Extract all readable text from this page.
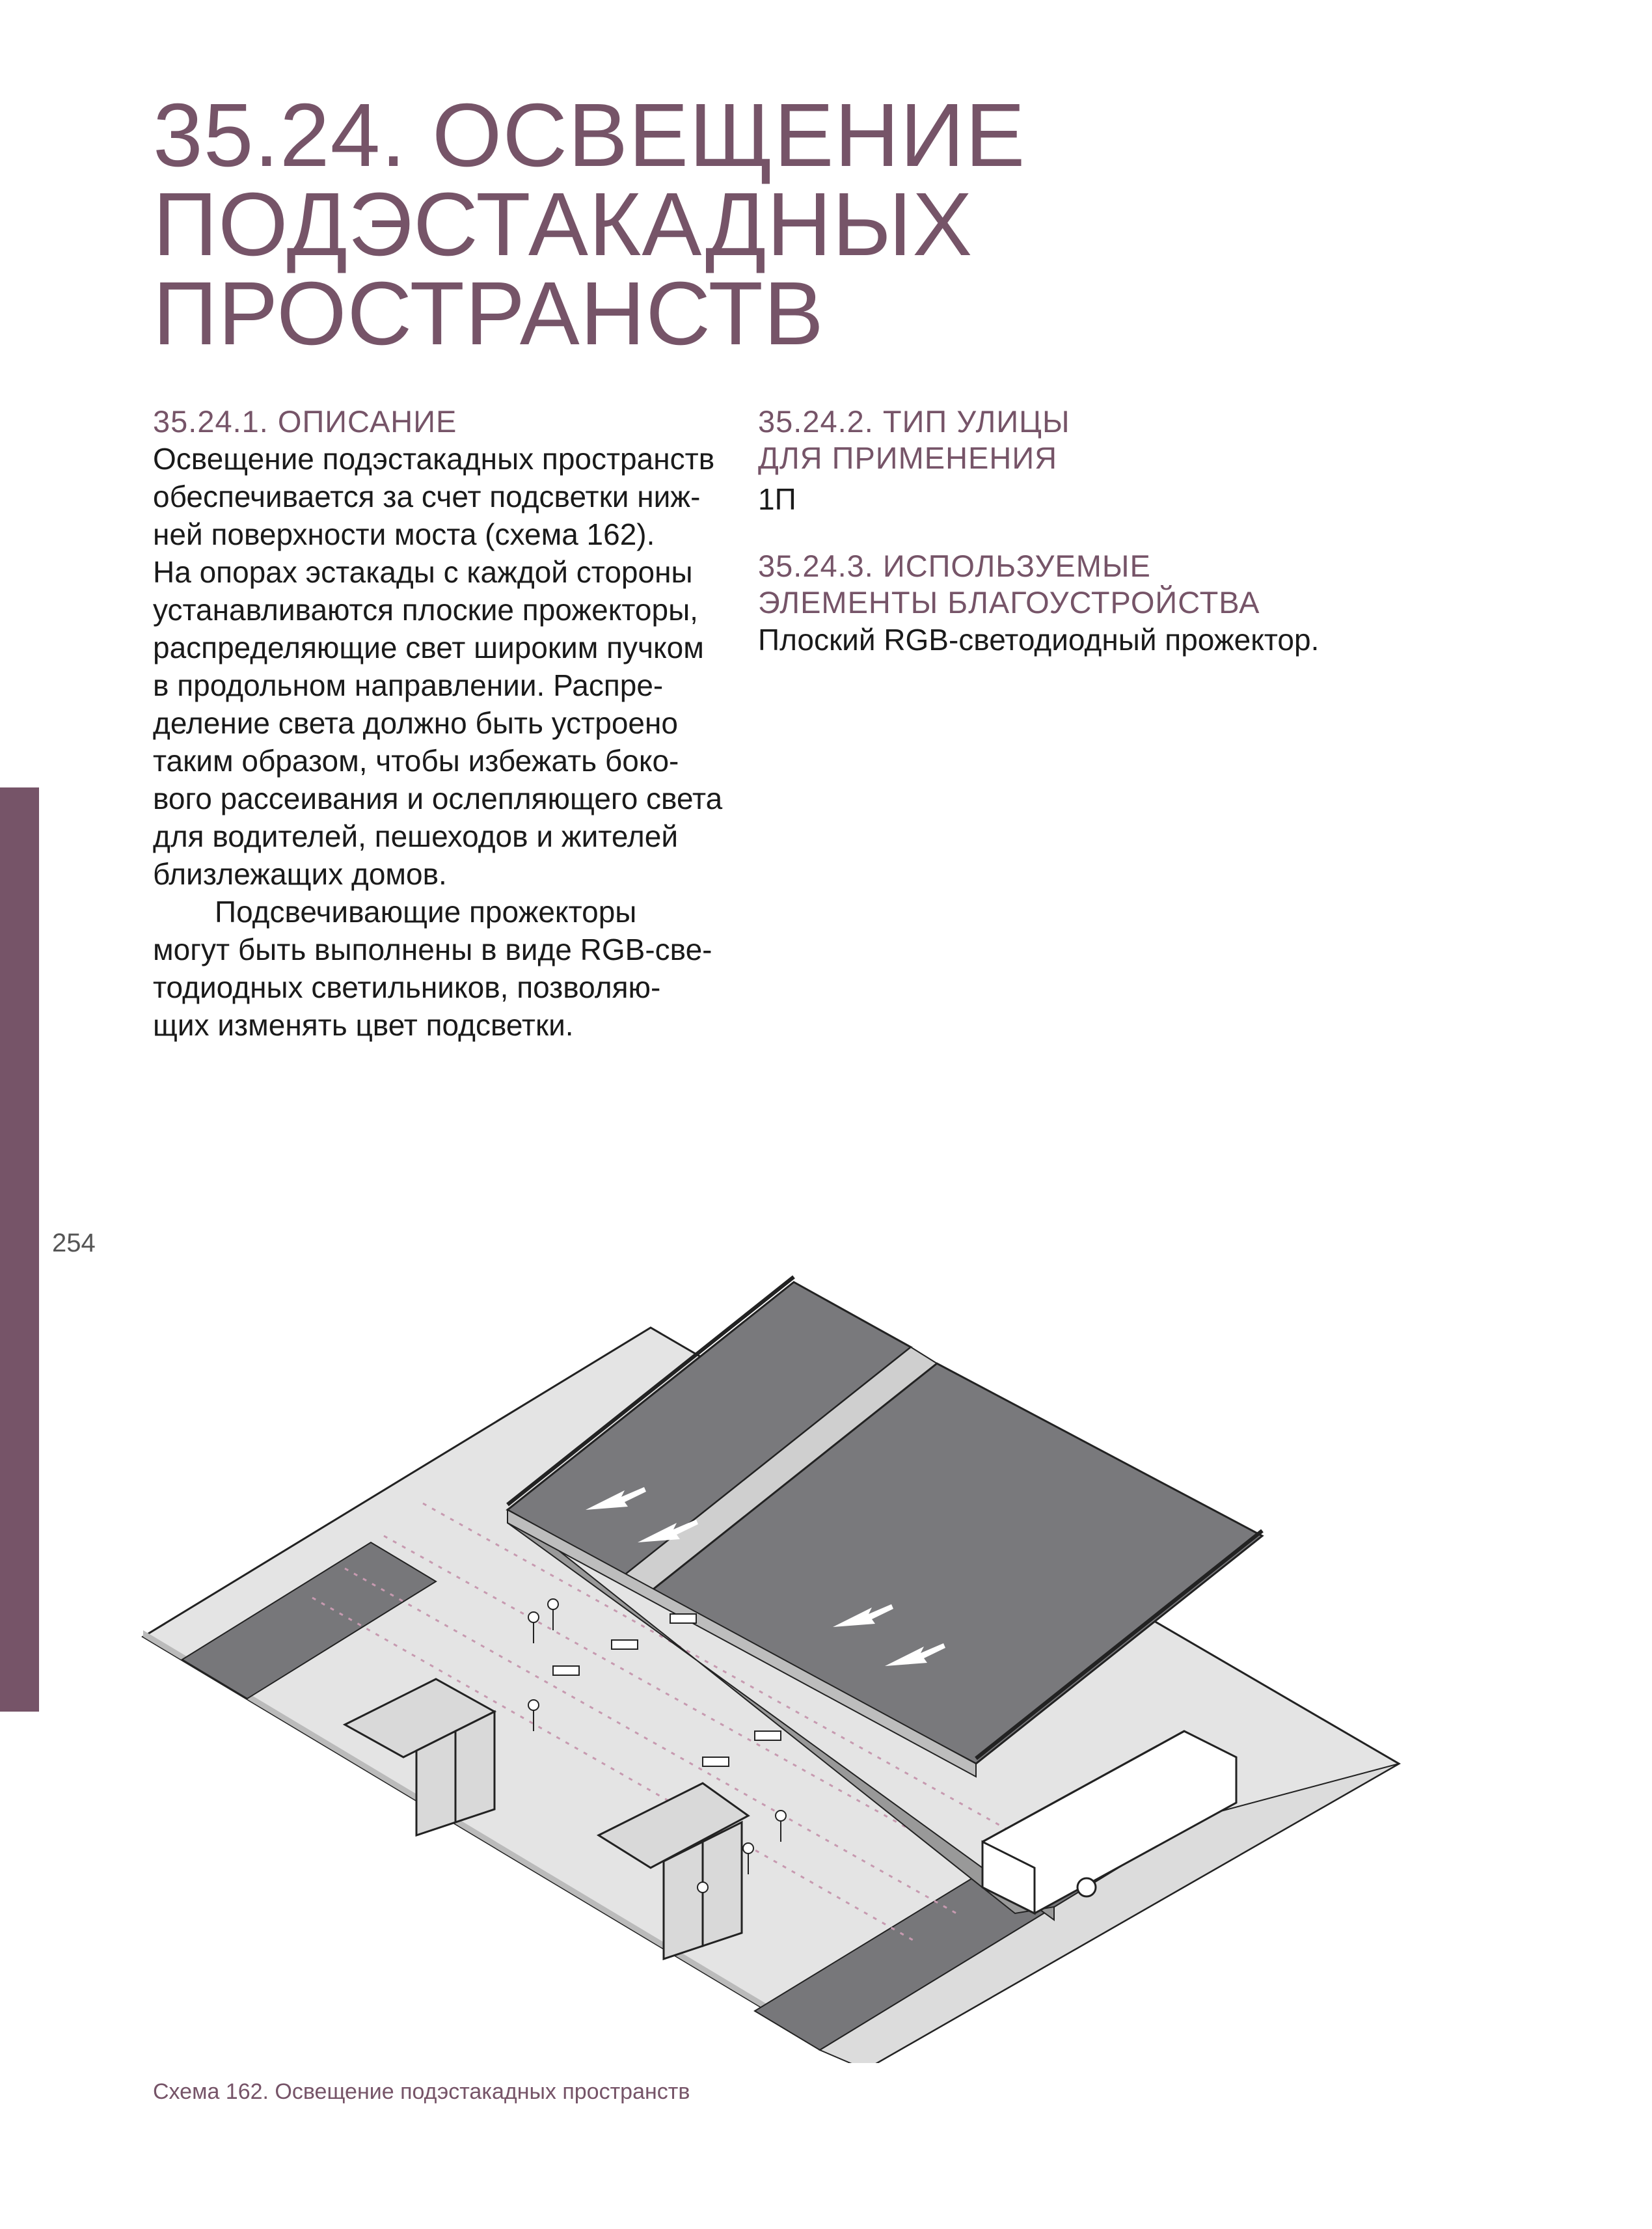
254
35.24. ОСВЕЩЕНИЕ
ПОДЭСТАКАДНЫХ
ПРОСТРАНСТВ
35.24.1. ОПИСАНИЕ

Освещение подэстакадных пространств
обеспечивается за счет подсветки ниж-
ней поверхности моста (схема 162).
На опорах эстакады с каждой стороны
устанавливаются плоские прожекторы,
распределяющие свет широким пучком
в продольном направлении. Распре-
деление света должно быть устроено
таким образом, чтобы избежать боко-
вого рассеивания и ослепляющего света
для водителей, пешеходов и жителей
близлежащих домов.

Подсвечивающие прожекторы
могут быть выполнены в виде RGB-све-
тодиодных светильников, позволяю-
щих изменять цвет подсветки.

35.24.2. ТИП УЛИЦЫ
ДЛЯ ПРИМЕНЕНИЯ

1П

35.24.3. ИСПОЛЬЗУЕМЫЕ
ЭЛЕМЕНТЫ БЛАГОУСТРОЙСТВА

Плоский RGB-светодиодный прожектор.

Схема 162. Освещение подэстакадных пространств
